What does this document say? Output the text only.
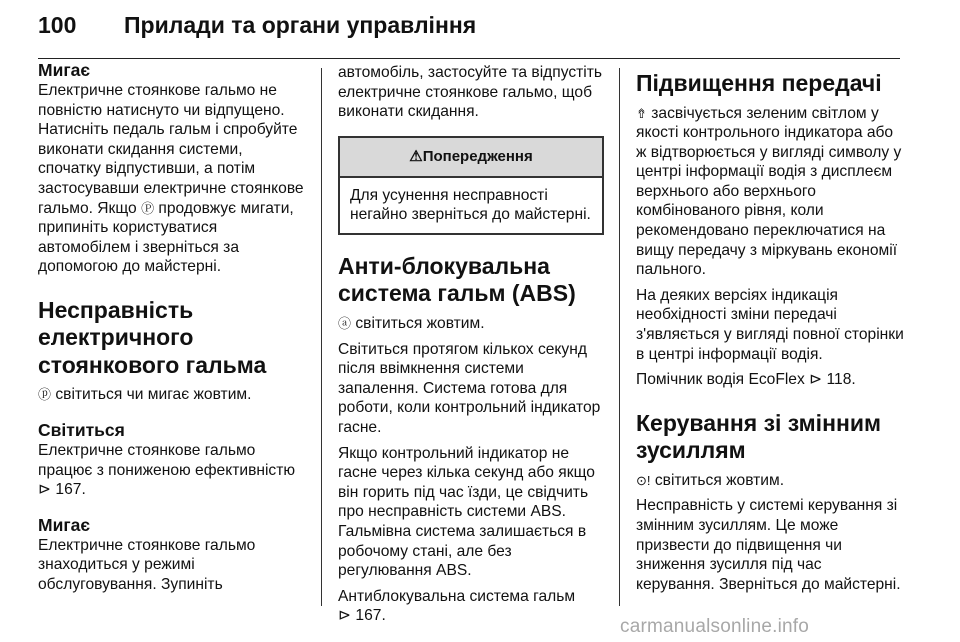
100	Прилади та органи управління

Мигає

Електричне стоянкове гальмо не повністю натиснуто чи відпущено. Натисніть педаль гальм і спробуйте виконати скидання системи, спочатку відпустивши, а потім застосувавши електричне стоянкове гальмо. Якщо Ⓟ продовжує мигати, припиніть користуватися автомобілем і зверніться за допомогою до майстерні.

Несправність електричного стоянкового гальма

ⓟ світиться чи мигає жовтим.

Світиться

Електричне стоянкове гальмо працює з пониженою ефективністю ⊳ 167.

Мигає

Електричне стоянкове гальмо знаходиться у режимі обслуговування. Зупиніть

автомобіль, застосуйте та відпустіть електричне стоянкове гальмо, щоб виконати скидання.

⚠Попередження
Для усунення несправності негайно зверніться до майстерні.

Анти-блокувальна система гальм (ABS)

ⓐ світиться жовтим.

Світиться протягом кількох секунд після ввімкнення системи запалення. Система готова для роботи, коли контрольний індикатор гасне.

Якщо контрольний індикатор не гасне через кілька секунд або якщо він горить під час їзди, це свідчить про несправність системи ABS. Гальмівна система залишається в робочому стані, але без регулювання ABS.

Антиблокувальна система гальм
⊳ 167.

Підвищення передачі

⇮ засвічується зеленим світлом у якості контрольного індикатора або ж відтворюється у вигляді символу у центрі інформації водія з дисплеєм верхнього або верхнього комбінованого рівня, коли рекомендовано переключатися на вищу передачу з міркувань економії пального.

На деяких версіях індикація необхідності зміни передачі з'являється у вигляді повної сторінки в центрі інформації водія.

Помічник водія EcoFlex ⊳ 118.

Керування зі змінним зусиллям

⊙! світиться жовтим.

Несправність у системі керування зі змінним зусиллям. Це може призвести до підвищення чи зниження зусилля під час керування. Зверніться до майстерні.

carmanualsonline.info
